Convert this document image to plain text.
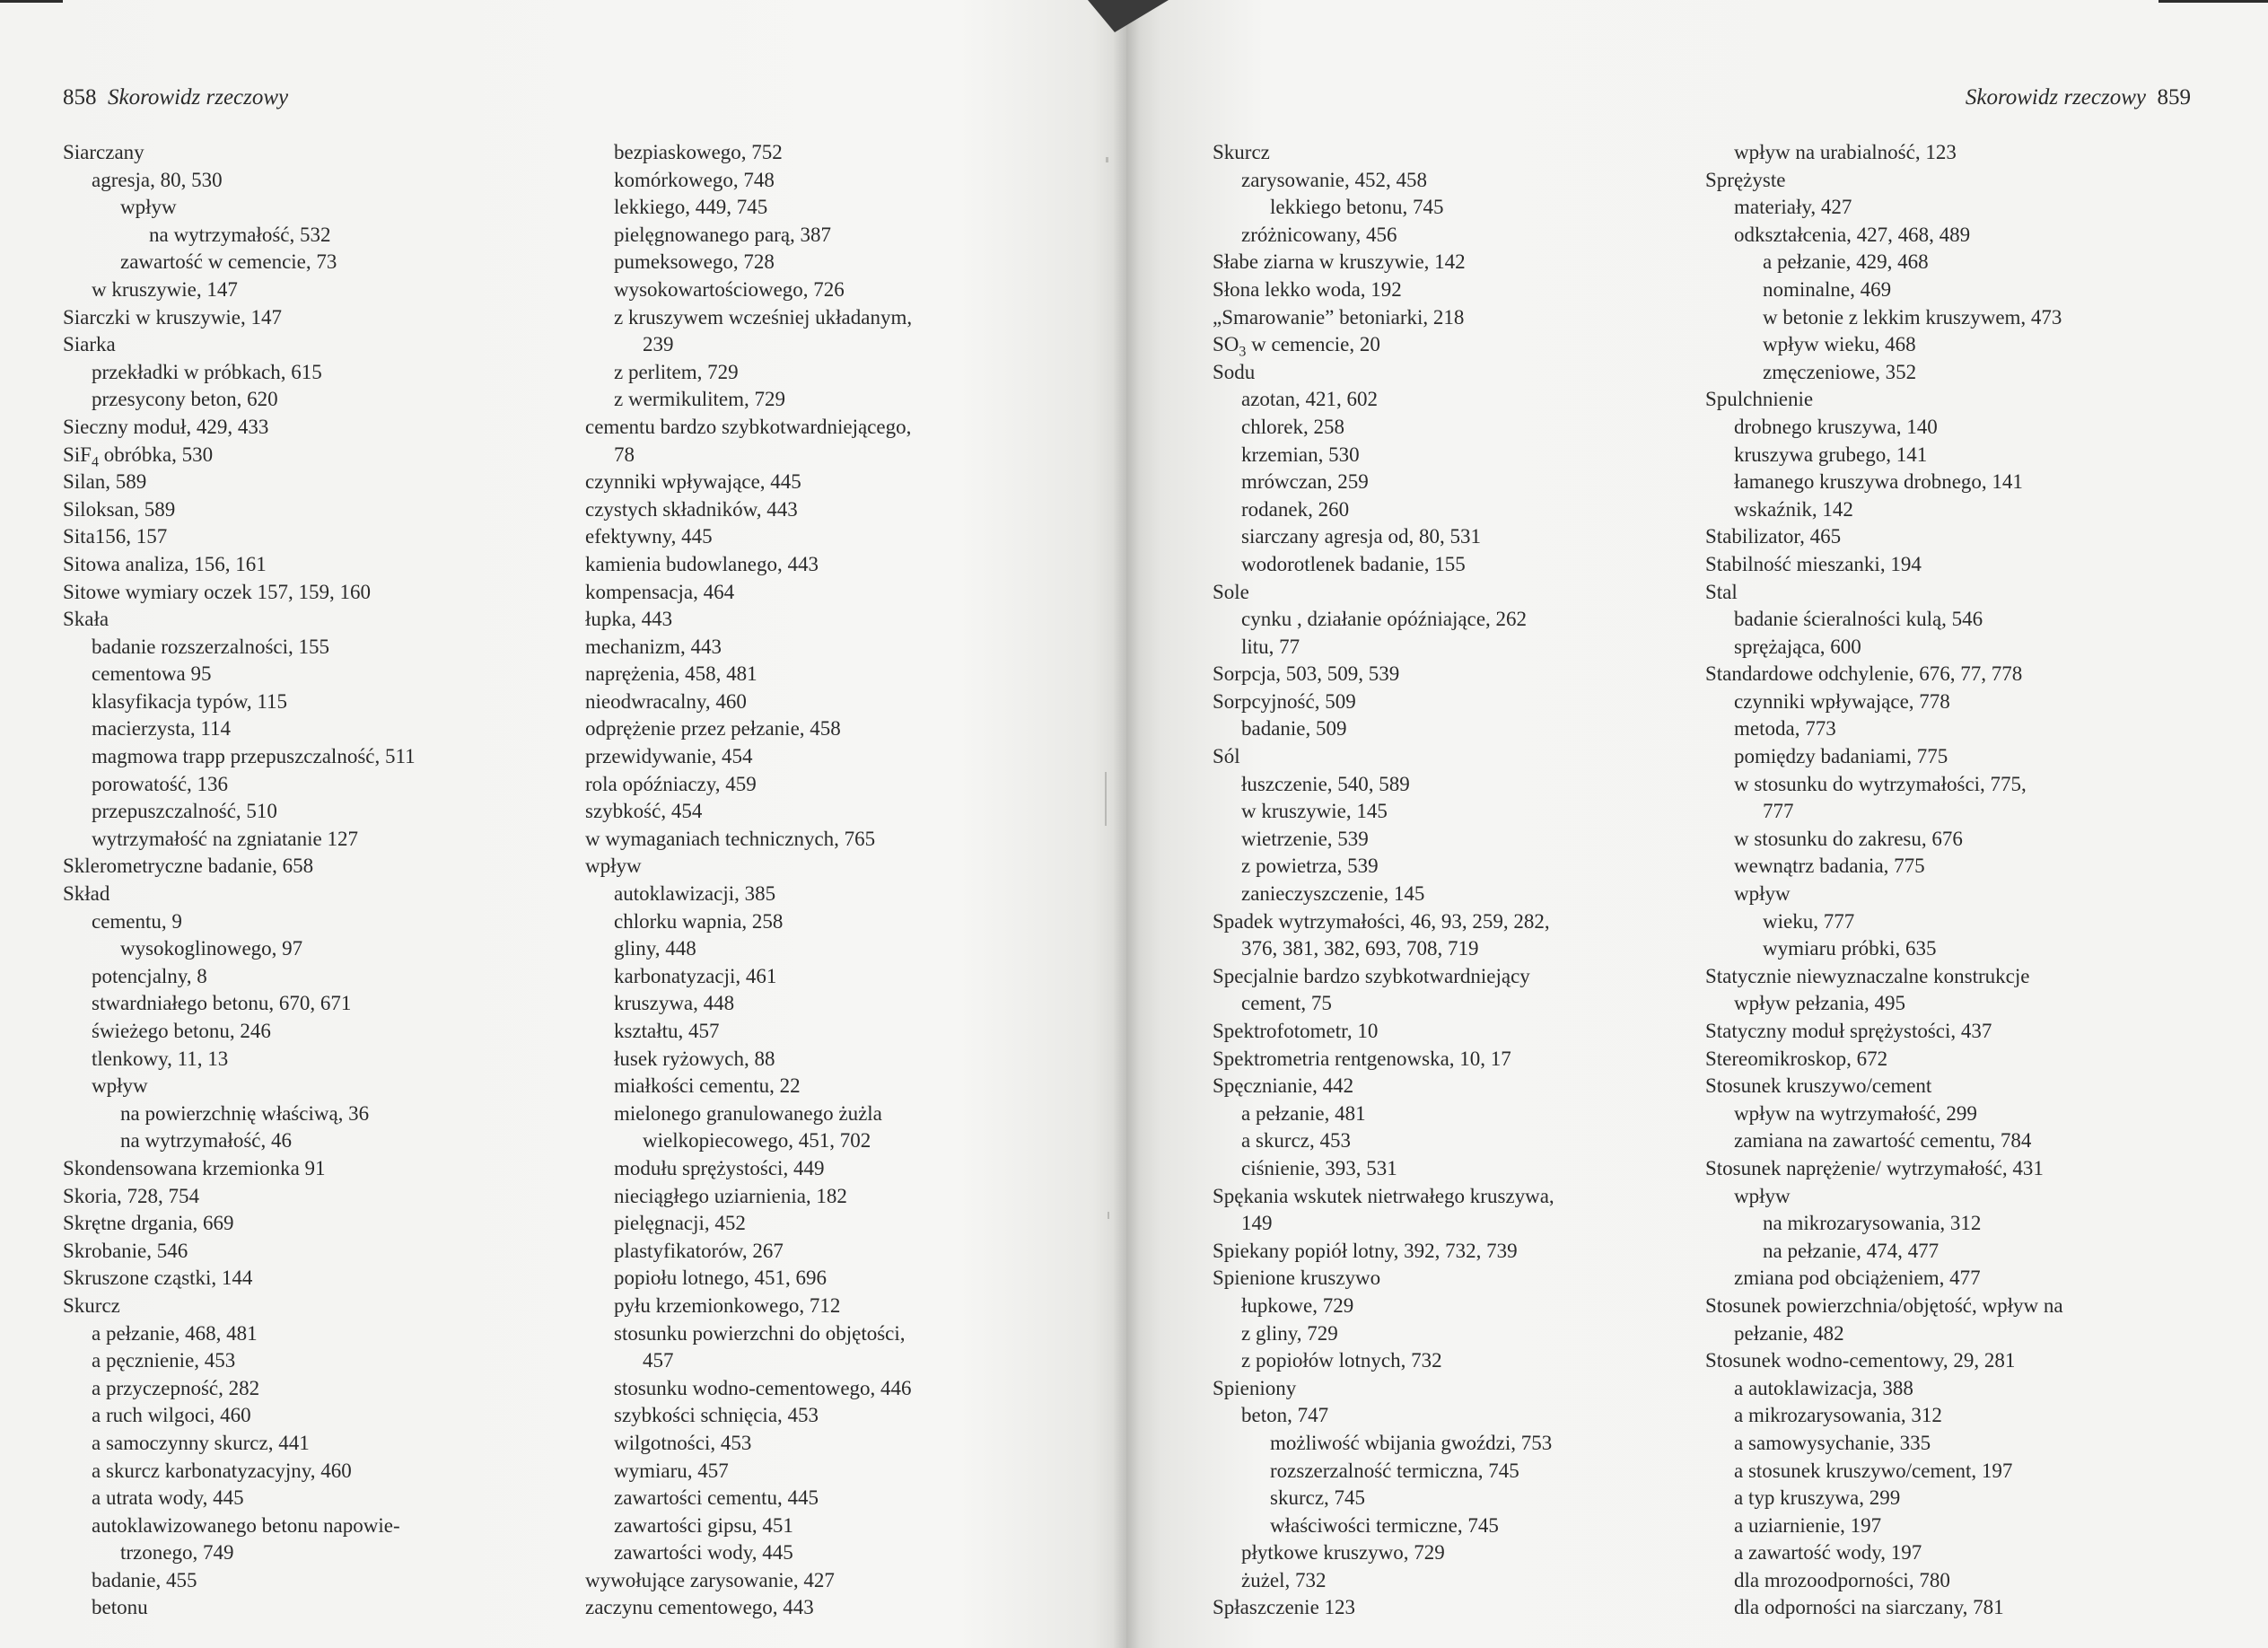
858 Skorowidz rzeczowy
Siarczany
agresja, 80, 530
wpływ
na wytrzymałość, 532
zawartość w cemencie, 73
w kruszywie, 147
Siarczki w kruszywie, 147
Siarka
przekładki w próbkach, 615
przesycony beton, 620
Sieczny moduł, 429, 433
SiF$_4$ obróbka, 530
Silan, 589
Siloksan, 589
Sita156, 157
Sitowa analiza, 156, 161
Sitowe wymiary oczek 157, 159, 160
Skała
badanie rozszerzalności, 155
cementowa 95
klasyfikacja typów, 115
macierzysta, 114
magmowa trapp przepuszczalność, 511
porowatość, 136
przepuszczalność, 510
wytrzymałość na zgniatanie 127
Sklerometryczne badanie, 658
Skład
cementu, 9
wysokoglinowego, 97
potencjalny, 8
stwardniałego betonu, 670, 671
świeżego betonu, 246
tlenkowy, 11, 13
wpływ
na powierzchnię właściwą, 36
na wytrzymałość, 46
Skondensowana krzemionka 91
Skoria, 728, 754
Skrętne drgania, 669
Skrobanie, 546
Skruszone cząstki, 144
Skurcz
a pełzanie, 468, 481
a pęcznienie, 453
a przyczepność, 282
a ruch wilgoci, 460
a samoczynny skurcz, 441
a skurcz karbonatyzacyjny, 460
a utrata wody, 445
autoklawizowanego betonu napowie-
trzonego, 749
badanie, 455
betonu
bezpiaskowego, 752
komórkowego, 748
lekkiego, 449, 745
pielęgnowanego parą, 387
pumeksowego, 728
wysokowartościowego, 726
z kruszywem wcześniej układanym,
239
z perlitem, 729
z wermikulitem, 729
cementu bardzo szybkotwardniejącego,
78
czynniki wpływające, 445
czystych składników, 443
efektywny, 445
kamienia budowlanego, 443
kompensacja, 464
łupka, 443
mechanizm, 443
naprężenia, 458, 481
nieodwracalny, 460
odprężenie przez pełzanie, 458
przewidywanie, 454
rola opóźniaczy, 459
szybkość, 454
w wymaganiach technicznych, 765
wpływ
autoklawizacji, 385
chlorku wapnia, 258
gliny, 448
karbonatyzacji, 461
kruszywa, 448
kształtu, 457
łusek ryżowych, 88
miałkości cementu, 22
mielonego granulowanego żużla
wielkopiecowego, 451, 702
modułu sprężystości, 449
nieciągłego uziarnienia, 182
pielęgnacji, 452
plastyfikatorów, 267
popiołu lotnego, 451, 696
pyłu krzemionkowego, 712
stosunku powierzchni do objętości,
457
stosunku wodno-cementowego, 446
szybkości schnięcia, 453
wilgotności, 453
wymiaru, 457
zawartości cementu, 445
zawartości gipsu, 451
zawartości wody, 445
wywołujące zarysowanie, 427
zaczynu cementowego, 443
Skorowidz rzeczowy 859
Skurcz
zarysowanie, 452, 458
lekkiego betonu, 745
zróżnicowany, 456
Słabe ziarna w kruszywie, 142
Słona lekko woda, 192
„Smarowanie” betoniarki, 218
$SO_3$ w cemencie, 20
Sodu
azotan, 421, 602
chlorek, 258
krzemian, 530
mrówczan, 259
rodanek, 260
siarczany agresja od, 80, 531
wodorotlenek badanie, 155
Sole
cynku , działanie opóźniające, 262
litu, 77
Sorpcja, 503, 509, 539
Sorpcyjność, 509
badanie, 509
Sól
łuszczenie, 540, 589
w kruszywie, 145
wietrzenie, 539
z powietrza, 539
zanieczyszczenie, 145
Spadek wytrzymałości, 46, 93, 259, 282,
376, 381, 382, 693, 708, 719
Specjalnie bardzo szybkotwardniejący
cement, 75
Spektrofotometr, 10
Spektrometria rentgenowska, 10, 17
Spęcznianie, 442
a pełzanie, 481
a skurcz, 453
ciśnienie, 393, 531
Spękania wskutek nietrwałego kruszywa,
149
Spiekany popiół lotny, 392, 732, 739
Spienione kruszywo
łupkowe, 729
z gliny, 729
z popiołów lotnych, 732
Spieniony
beton, 747
możliwość wbijania gwoździ, 753
rozszerzalność termiczna, 745
skurcz, 745
właściwości termiczne, 745
płytkowe kruszywo, 729
żużel, 732
Spłaszczenie 123
wpływ na urabialność, 123
Sprężyste
materiały, 427
odkształcenia, 427, 468, 489
a pełzanie, 429, 468
nominalne, 469
w betonie z lekkim kruszywem, 473
wpływ wieku, 468
zmęczeniowe, 352
Spulchnienie
drobnego kruszywa, 140
kruszywa grubego, 141
łamanego kruszywa drobnego, 141
wskaźnik, 142
Stabilizator, 465
Stabilność mieszanki, 194
Stal
badanie ścieralności kulą, 546
sprężająca, 600
Standardowe odchylenie, 676, 77, 778
czynniki wpływające, 778
metoda, 773
pomiędzy badaniami, 775
w stosunku do wytrzymałości, 775,
777
w stosunku do zakresu, 676
wewnątrz badania, 775
wpływ
wieku, 777
wymiaru próbki, 635
Statycznie niewyznaczalne konstrukcje
wpływ pełzania, 495
Statyczny moduł sprężystości, 437
Stereomikroskop, 672
Stosunek kruszywo/cement
wpływ na wytrzymałość, 299
zamiana na zawartość cementu, 784
Stosunek naprężenie/ wytrzymałość, 431
wpływ
na mikrozarysowania, 312
na pełzanie, 474, 477
zmiana pod obciążeniem, 477
Stosunek powierzchnia/objętość, wpływ na
pełzanie, 482
Stosunek wodno-cementowy, 29, 281
a autoklawizacja, 388
a mikrozarysowania, 312
a samowysychanie, 335
a stosunek kruszywo/cement, 197
a typ kruszywa, 299
a uziarnienie, 197
a zawartość wody, 197
dla mrozoodporności, 780
dla odporności na siarczany, 781
